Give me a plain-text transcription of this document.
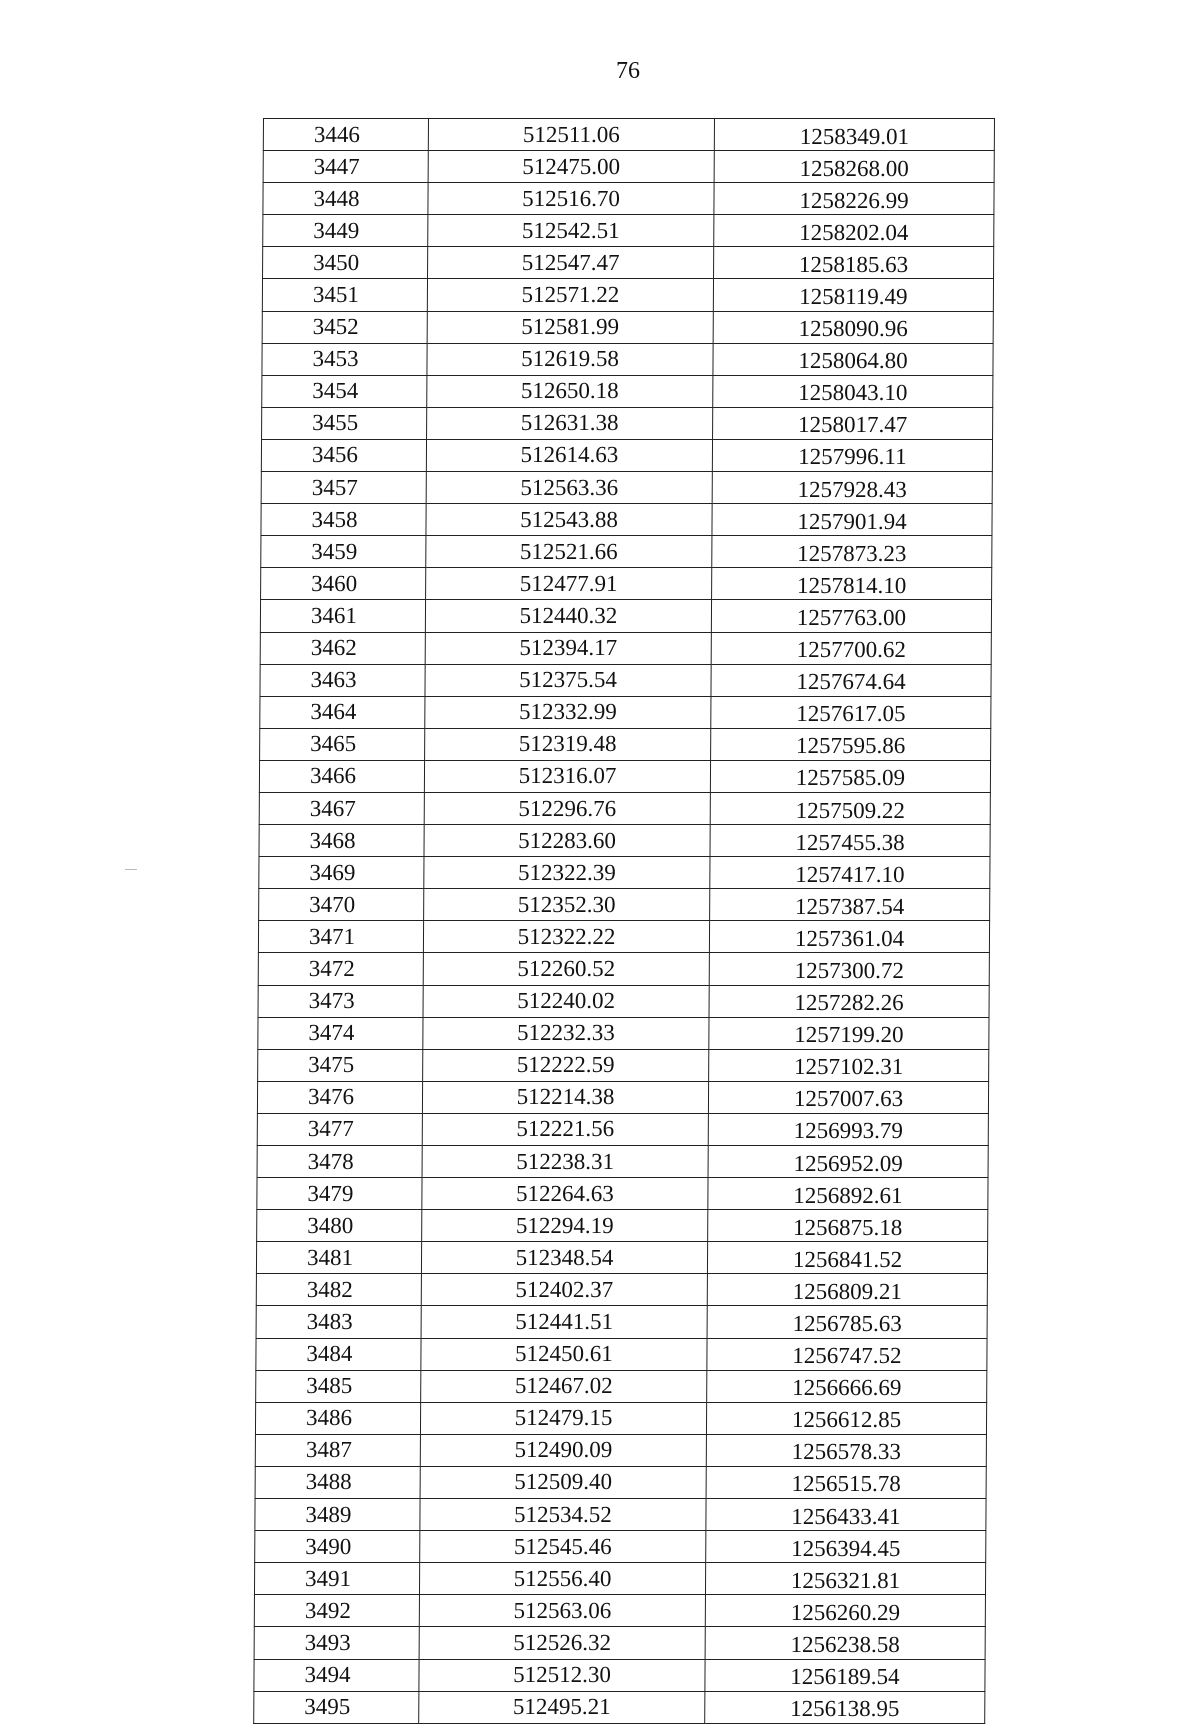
76
3446	512511.06	1258349.01
3447	512475.00	1258268.00
3448	512516.70	1258226.99
3449	512542.51	1258202.04
3450	512547.47	1258185.63
3451	512571.22	1258119.49
3452	512581.99	1258090.96
3453	512619.58	1258064.80
3454	512650.18	1258043.10
3455	512631.38	1258017.47
3456	512614.63	1257996.11
3457	512563.36	1257928.43
3458	512543.88	1257901.94
3459	512521.66	1257873.23
3460	512477.91	1257814.10
3461	512440.32	1257763.00
3462	512394.17	1257700.62
3463	512375.54	1257674.64
3464	512332.99	1257617.05
3465	512319.48	1257595.86
3466	512316.07	1257585.09
3467	512296.76	1257509.22
3468	512283.60	1257455.38
3469	512322.39	1257417.10
3470	512352.30	1257387.54
3471	512322.22	1257361.04
3472	512260.52	1257300.72
3473	512240.02	1257282.26
3474	512232.33	1257199.20
3475	512222.59	1257102.31
3476	512214.38	1257007.63
3477	512221.56	1256993.79
3478	512238.31	1256952.09
3479	512264.63	1256892.61
3480	512294.19	1256875.18
3481	512348.54	1256841.52
3482	512402.37	1256809.21
3483	512441.51	1256785.63
3484	512450.61	1256747.52
3485	512467.02	1256666.69
3486	512479.15	1256612.85
3487	512490.09	1256578.33
3488	512509.40	1256515.78
3489	512534.52	1256433.41
3490	512545.46	1256394.45
3491	512556.40	1256321.81
3492	512563.06	1256260.29
3493	512526.32	1256238.58
3494	512512.30	1256189.54
3495	512495.21	1256138.95
